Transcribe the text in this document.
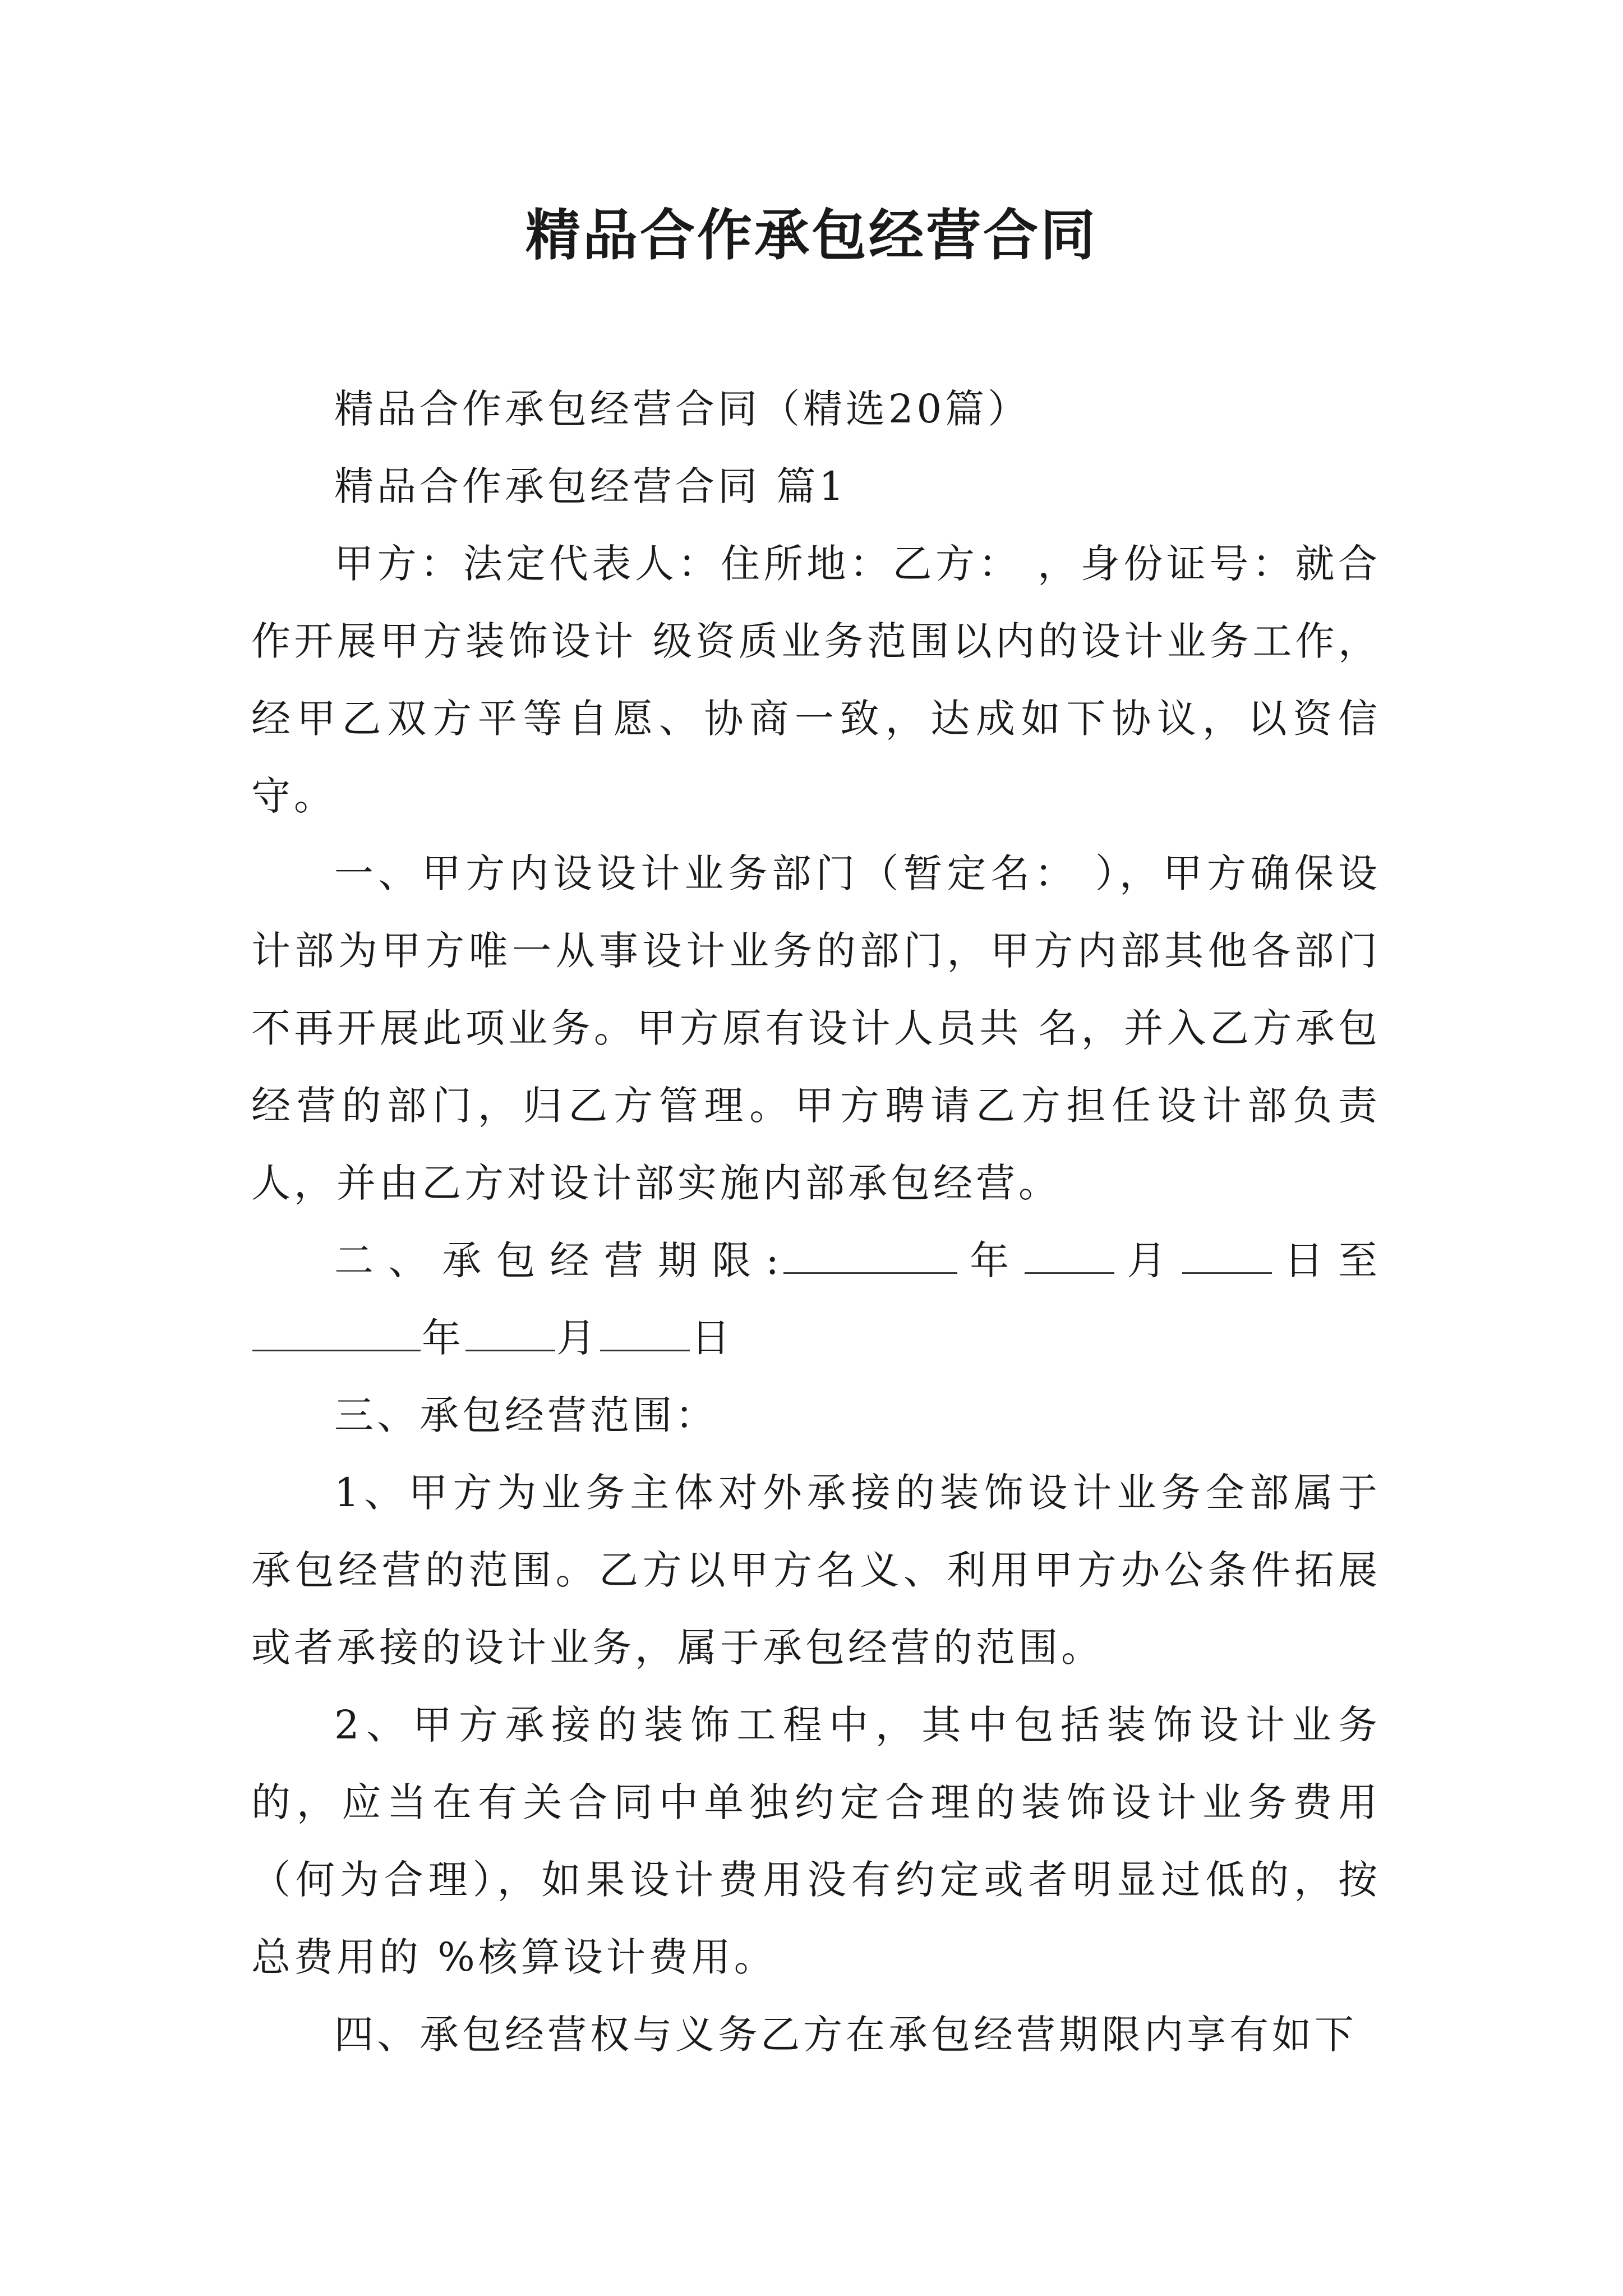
精品合作承包经营合同

精品合作承包经营合同（精选20篇）

精品合作承包经营合同 篇1

甲方：法定代表人：住所地：乙方： ，身份证号：就合作开展甲方装饰设计 级资质业务范围以内的设计业务工作，经甲乙双方平等自愿、协商一致，达成如下协议，以资信守。

一、甲方内设设计业务部门（暂定名： ），甲方确保设计部为甲方唯一从事设计业务的部门，甲方内部其他各部门不再开展此项业务。甲方原有设计人员共 名，并入乙方承包经营的部门，归乙方管理。甲方聘请乙方担任设计部负责人，并由乙方对设计部实施内部承包经营。

二、承包经营期限:	年 月 日至年 月 日

三、承包经营范围：

1、甲方为业务主体对外承接的装饰设计业务全部属于承包经营的范围。乙方以甲方名义、利用甲方办公条件拓展或者承接的设计业务，属于承包经营的范围。

2、甲方承接的装饰工程中，其中包括装饰设计业务的，应当在有关合同中单独约定合理的装饰设计业务费用（何为合理），如果设计费用没有约定或者明显过低的，按总费用的 %核算设计费用。

四、承包经营权与义务乙方在承包经营期限内享有如下
